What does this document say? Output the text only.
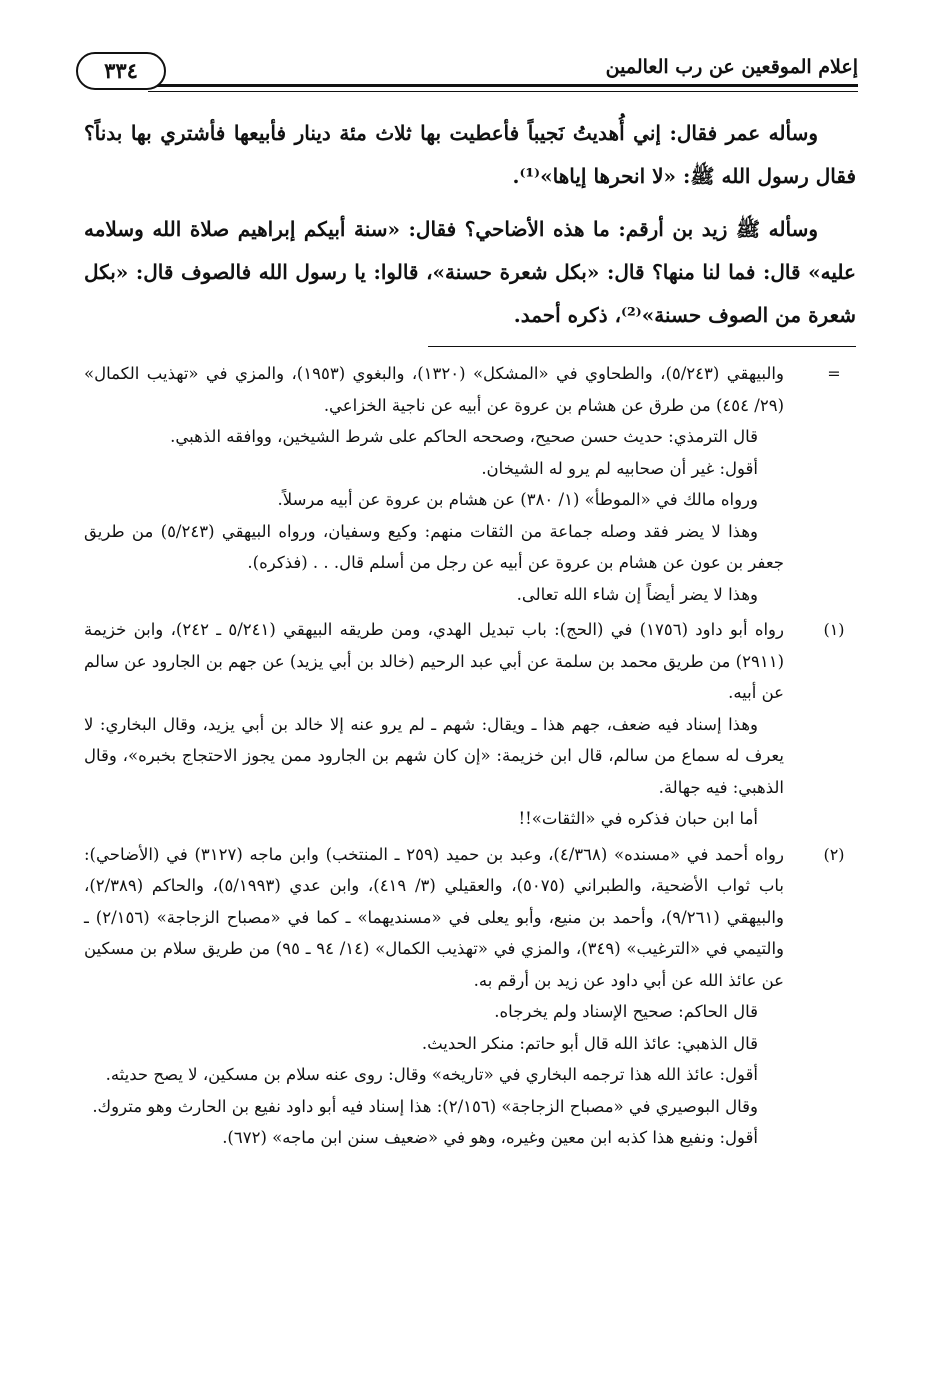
إعلام الموقعين عن رب العالمين
٣٣٤

وسأله عمر فقال: إني أُهديتُ نَجيباً فأعطيت بها ثلاث مئة دينار فأبيعها فأشتري بها بدناً؟ فقال رسول الله ﷺ: «لا انحرها إياها»⁽¹⁾.

وسأله ﷺ زيد بن أرقم: ما هذه الأضاحي؟ فقال: «سنة أبيكم إبراهيم صلاة الله وسلامه عليه» قال: فما لنا منها؟ قال: «بكل شعرة حسنة»، قالوا: يا رسول الله فالصوف قال: «بكل شعرة من الصوف حسنة»⁽²⁾، ذكره أحمد.

=

والبيهقي (٥/٢٤٣)، والطحاوي في «المشكل» (١٣٢٠)، والبغوي (١٩٥٣)، والمزي في «تهذيب الكمال» (٢٩/ ٤٥٤) من طرق عن هشام بن عروة عن أبيه عن ناجية الخزاعي.

قال الترمذي: حديث حسن صحيح، وصححه الحاكم على شرط الشيخين، ووافقه الذهبي.

أقول: غير أن صحابيه لم يرو له الشيخان.

ورواه مالك في «الموطأ» (١/ ٣٨٠) عن هشام بن عروة عن أبيه مرسلاً.

وهذا لا يضر فقد وصله جماعة من الثقات منهم: وكيع وسفيان، ورواه البيهقي (٥/٢٤٣) من طريق جعفر بن عون عن هشام بن عروة عن أبيه عن رجل من أسلم قال. . . (فذكره).

وهذا لا يضر أيضاً إن شاء الله تعالى.

(١)

رواه أبو داود (١٧٥٦) في (الحج): باب تبديل الهدي، ومن طريقه البيهقي (٥/٢٤١ ـ ٢٤٢)، وابن خزيمة (٢٩١١) من طريق محمد بن سلمة عن أبي عبد الرحيم (خالد بن أبي يزيد) عن جهم بن الجارود عن سالم عن أبيه.

وهذا إسناد فيه ضعف، جهم هذا ـ ويقال: شهم ـ لم يرو عنه إلا خالد بن أبي يزيد، وقال البخاري: لا يعرف له سماع من سالم، قال ابن خزيمة: «إن كان شهم بن الجارود ممن يجوز الاحتجاج بخبره»، وقال الذهبي: فيه جهالة.

أما ابن حبان فذكره في «الثقات»!!

(٢)

رواه أحمد في «مسنده» (٤/٣٦٨)، وعبد بن حميد (٢٥٩ ـ المنتخب) وابن ماجه (٣١٢٧) في (الأضاحي): باب ثواب الأضحية، والطبراني (٥٠٧٥)، والعقيلي (٣/ ٤١٩)، وابن عدي (٥/١٩٩٣)، والحاكم (٢/٣٨٩)، والبيهقي (٩/٢٦١)، وأحمد بن منيع، وأبو يعلى في «مسنديهما» ـ كما في «مصباح الزجاجة» (٢/١٥٦) ـ والتيمي في «الترغيب» (٣٤٩)، والمزي في «تهذيب الكمال» (١٤/ ٩٤ ـ ٩٥) من طريق سلام بن مسكين عن عائذ الله عن أبي داود عن زيد بن أرقم به.

قال الحاكم: صحيح الإسناد ولم يخرجاه.

قال الذهبي: عائذ الله قال أبو حاتم: منكر الحديث.

أقول: عائذ الله هذا ترجمه البخاري في «تاريخه» وقال: روى عنه سلام بن مسكين، لا يصح حديثه.

وقال البوصيري في «مصباح الزجاجة» (٢/١٥٦): هذا إسناد فيه أبو داود نفيع بن الحارث وهو متروك.

أقول: ونفيع هذا كذبه ابن معين وغيره، وهو في «ضعيف سنن ابن ماجه» (٦٧٢).
